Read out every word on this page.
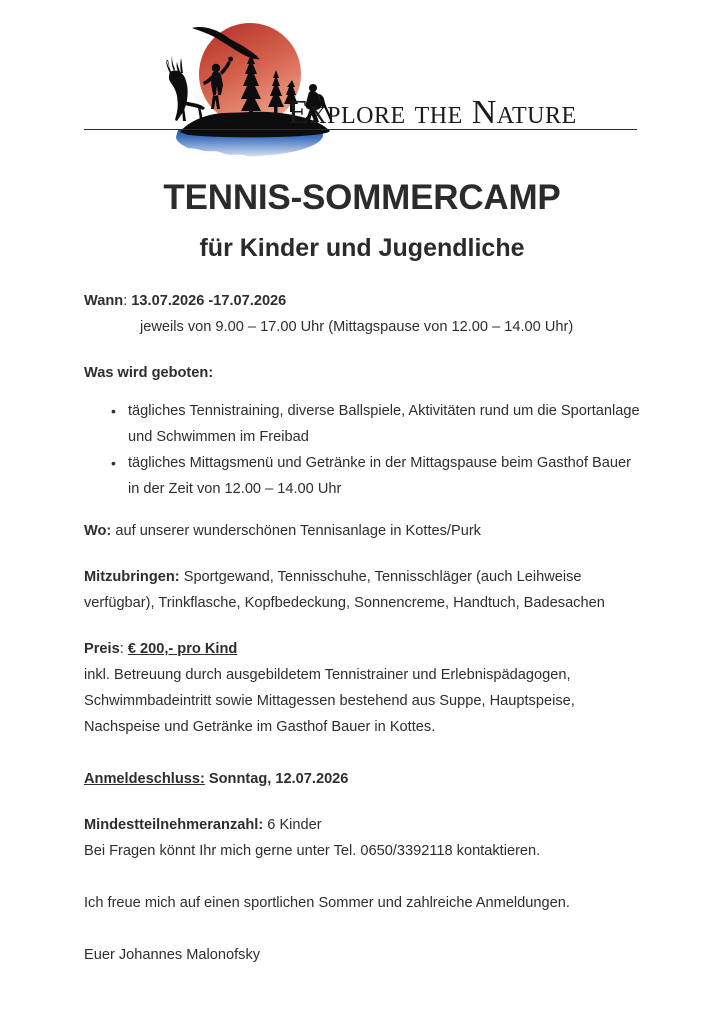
Explore the Nature
TENNIS-SOMMERCAMP
für Kinder und Jugendliche

Wann: 13.07.2026 -17.07.2026

jeweils von 9.00 – 17.00 Uhr (Mittagspause von 12.00 – 14.00 Uhr)

Was wird geboten:

• tägliches Tennistraining, diverse Ballspiele, Aktivitäten rund um die Sportanlage und Schwimmen im Freibad
• tägliches Mittagsmenü und Getränke in der Mittagspause beim Gasthof Bauer in der Zeit von 12.00 – 14.00 Uhr

Wo: auf unserer wunderschönen Tennisanlage in Kottes/Purk

Mitzubringen: Sportgewand, Tennisschuhe, Tennisschläger (auch Leihweise verfügbar), Trinkflasche, Kopfbedeckung, Sonnencreme, Handtuch, Badesachen

Preis: € 200,- pro Kind

inkl. Betreuung durch ausgebildetem Tennistrainer und Erlebnispädagogen, Schwimmbadeintritt sowie Mittagessen bestehend aus Suppe, Hauptspeise, Nachspeise und Getränke im Gasthof Bauer in Kottes.

Anmeldeschluss: Sonntag, 12.07.2026

Mindestteilnehmeranzahl: 6 Kinder

Bei Fragen könnt Ihr mich gerne unter Tel. 0650/3392118 kontaktieren.

Ich freue mich auf einen sportlichen Sommer und zahlreiche Anmeldungen.

Euer Johannes Malonofsky
